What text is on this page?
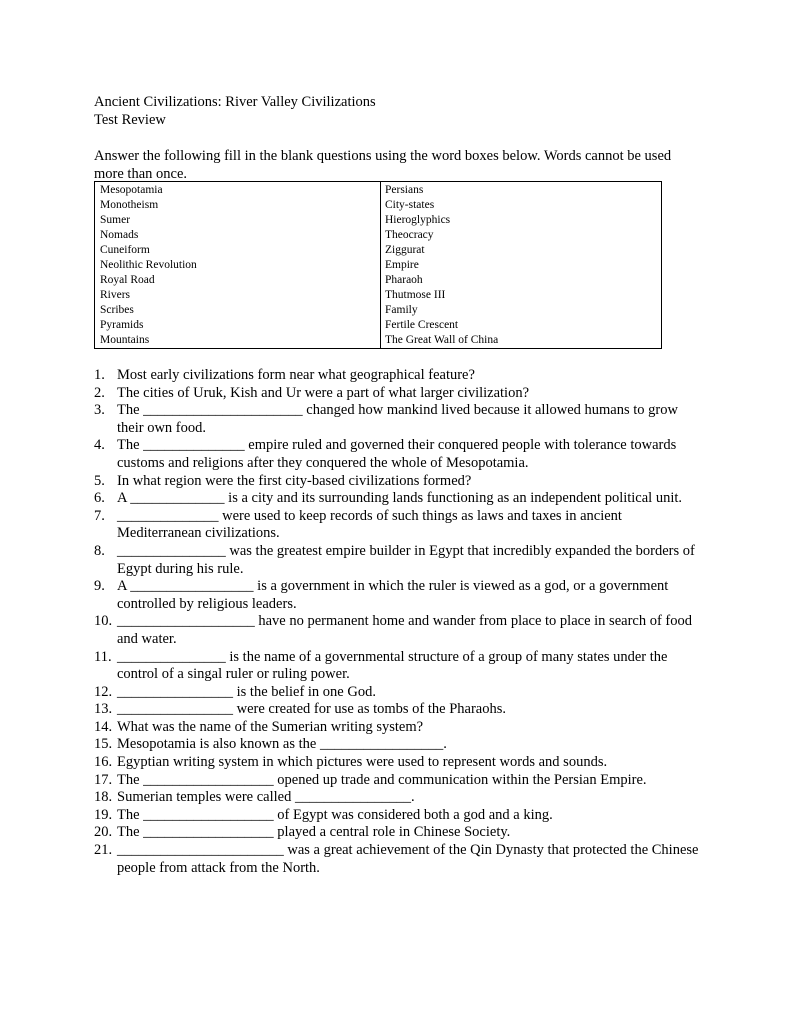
Ancient Civilizations: River Valley Civilizations
Test Review
Answer the following fill in the blank questions using the word boxes below. Words cannot be used more than once.
Mesopotamia
Monotheism
Sumer
Nomads
Cuneiform
Neolithic Revolution
Royal Road
Rivers
Scribes
Pyramids
Mountains
Persians
City-states
Hieroglyphics
Theocracy
Ziggurat
Empire
Pharaoh
Thutmose III
Family
Fertile Crescent
The Great Wall of China
1. Most early civilizations form near what geographical feature?
2. The cities of Uruk, Kish and Ur were a part of what larger civilization?
3. The ______________________ changed how mankind lived because it allowed humans to grow their own food.
4. The ______________ empire ruled and governed their conquered people with tolerance towards customs and religions after they conquered the whole of Mesopotamia.
5. In what region were the first city-based civilizations formed?
6. A _____________ is a city and its surrounding lands functioning as an independent political unit.
7. ______________ were used to keep records of such things as laws and taxes in ancient Mediterranean civilizations.
8. _______________ was the greatest empire builder in Egypt that incredibly expanded the borders of Egypt during his rule.
9. A _________________ is a government in which the ruler is viewed as a god, or a government controlled by religious leaders.
10. ___________________ have no permanent home and wander from place to place in search of food and water.
11. _______________ is the name of a governmental structure of a group of many states under the control of a singal ruler or ruling power.
12. ________________ is the belief in one God.
13. ________________ were created for use as tombs of the Pharaohs.
14. What was the name of the Sumerian writing system?
15. Mesopotamia is also known as the _________________.
16. Egyptian writing system in which pictures were used to represent words and sounds.
17. The __________________ opened up trade and communication within the Persian Empire.
18. Sumerian temples were called ________________.
19. The __________________ of Egypt was considered both a god and a king.
20. The __________________ played a central role in Chinese Society.
21. _______________________ was a great achievement of the Qin Dynasty that protected the Chinese people from attack from the North.
